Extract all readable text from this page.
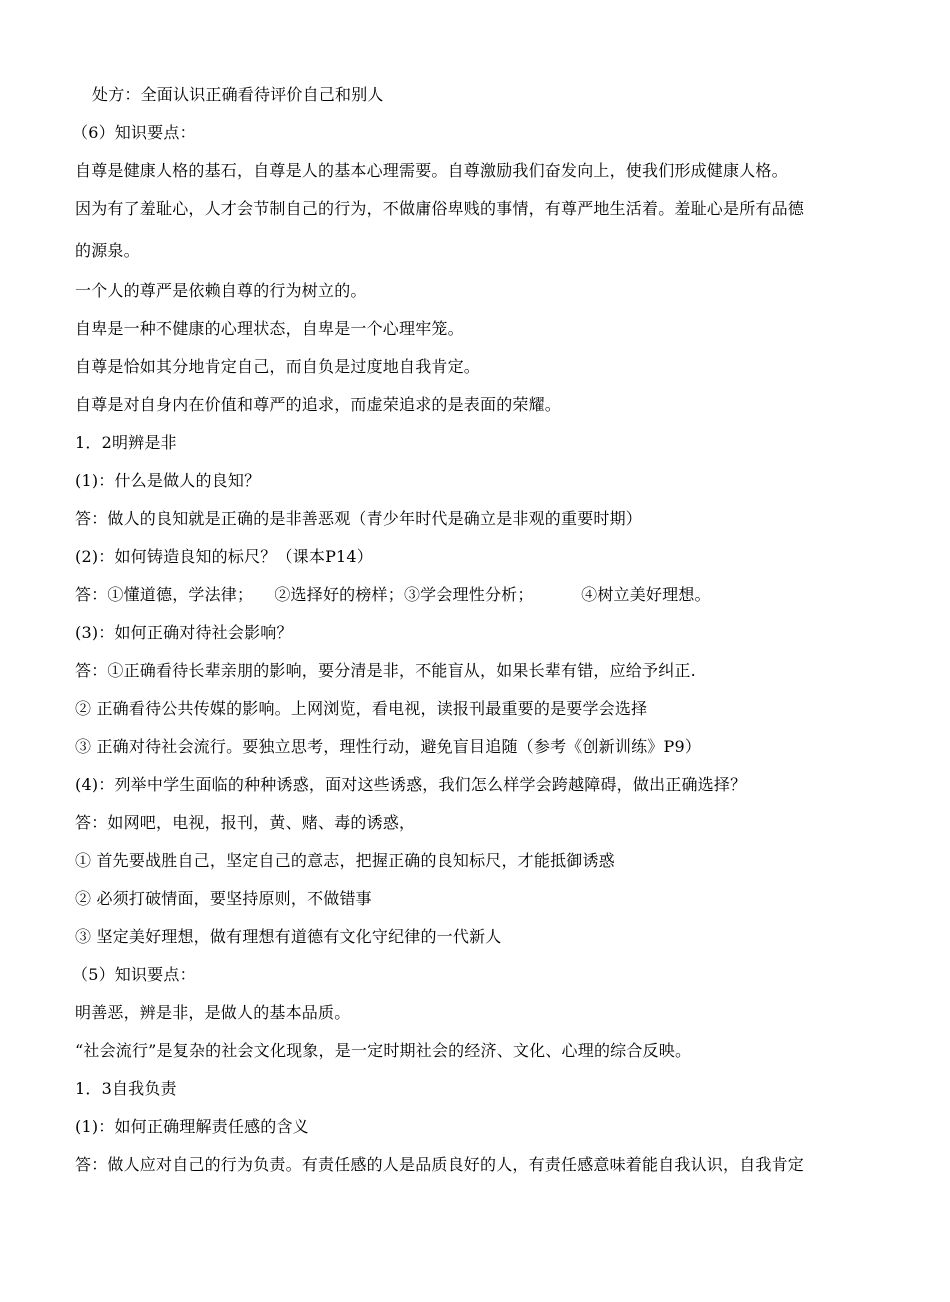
处方：全面认识正确看待评价自己和别人
（6）知识要点：
自尊是健康人格的基石，自尊是人的基本心理需要。自尊激励我们奋发向上，使我们形成健康人格。
因为有了羞耻心，人才会节制自己的行为，不做庸俗卑贱的事情，有尊严地生活着。羞耻心是所有品德
的源泉。
一个人的尊严是依赖自尊的行为树立的。
自卑是一种不健康的心理状态，自卑是一个心理牢笼。
自尊是恰如其分地肯定自己，而自负是过度地自我肯定。
自尊是对自身内在价值和尊严的追求，而虚荣追求的是表面的荣耀。
1．2明辨是非
(1)：什么是做人的良知？
答：做人的良知就是正确的是非善恶观（青少年时代是确立是非观的重要时期）
(2)：如何铸造良知的标尺？（课本P14）
答：①懂道德，学法律；    ②选择好的榜样；③学会理性分析；         ④树立美好理想。
(3)：如何正确对待社会影响？
答：①正确看待长辈亲朋的影响，要分清是非，不能盲从，如果长辈有错，应给予纠正.
② 正确看待公共传媒的影响。上网浏览，看电视，读报刊最重要的是要学会选择
③ 正确对待社会流行。要独立思考，理性行动，避免盲目追随（参考《创新训练》P9）
(4)：列举中学生面临的种种诱惑，面对这些诱惑，我们怎么样学会跨越障碍，做出正确选择？
答：如网吧，电视，报刊，黄、赌、毒的诱惑，
① 首先要战胜自己，坚定自己的意志，把握正确的良知标尺，才能抵御诱惑
② 必须打破情面，要坚持原则，不做错事
③ 坚定美好理想，做有理想有道德有文化守纪律的一代新人
（5）知识要点：
明善恶，辨是非，是做人的基本品质。
“社会流行”是复杂的社会文化现象，是一定时期社会的经济、文化、心理的综合反映。
1．3自我负责
(1)：如何正确理解责任感的含义
答：做人应对自己的行为负责。有责任感的人是品质良好的人，有责任感意味着能自我认识，自我肯定
